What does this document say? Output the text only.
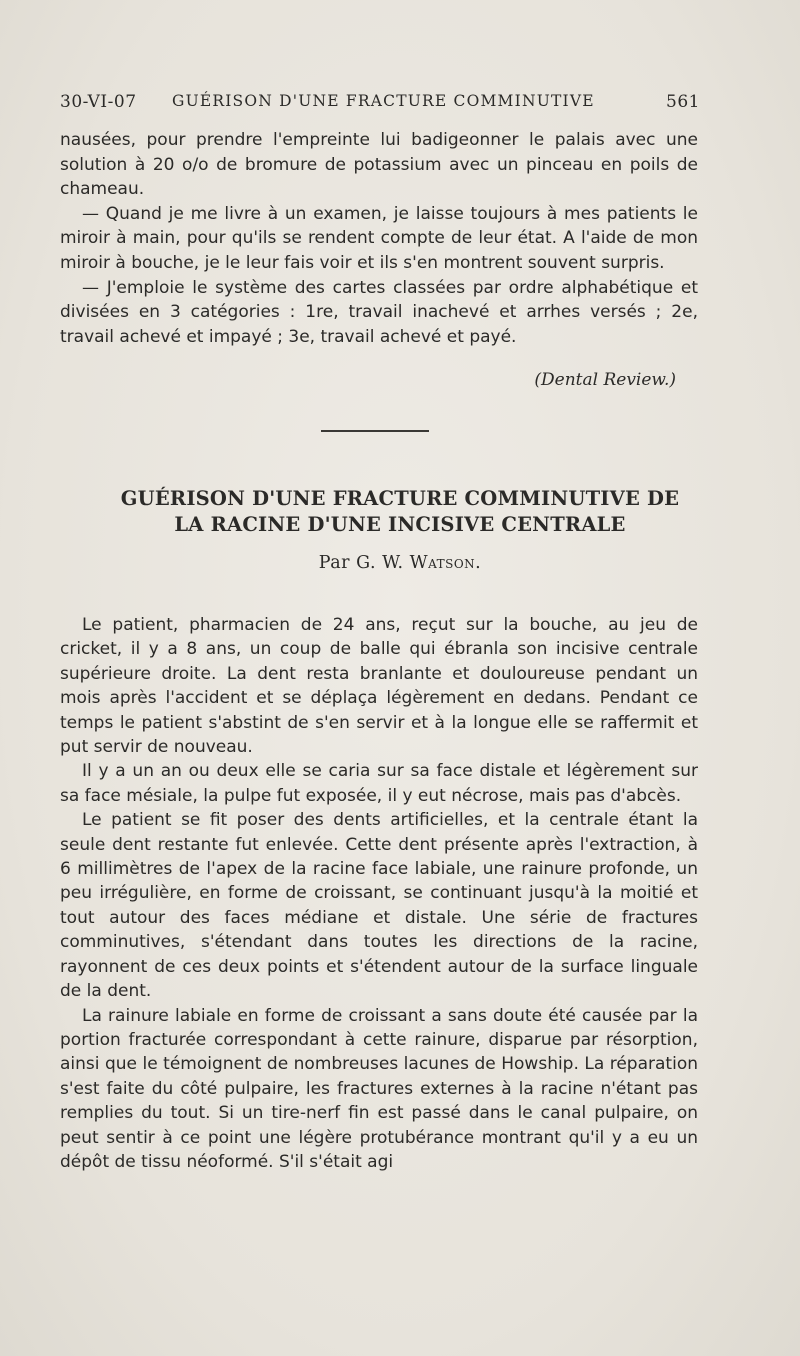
30-VI-07 GUÉRISON D'UNE FRACTURE COMMINUTIVE	561

nausées, pour prendre l'empreinte lui badigeonner le palais avec une solution à 20 o/o de bromure de potassium avec un pinceau en poils de chameau.

— Quand je me livre à un examen, je laisse toujours à mes patients le miroir à main, pour qu'ils se rendent compte de leur état. A l'aide de mon miroir à bouche, je le leur fais voir et ils s'en montrent souvent surpris.

— J'emploie le système des cartes classées par ordre alphabétique et divisées en 3 catégories : 1re, travail inachevé et arrhes versés ; 2e, travail achevé et impayé ; 3e, travail achevé et payé.

(Dental Review.)
GUÉRISON D'UNE FRACTURE COMMINUTIVE DE
LA RACINE D'UNE INCISIVE CENTRALE
Par G. W. Watson.

Le patient, pharmacien de 24 ans, reçut sur la bouche, au jeu de cricket, il y a 8 ans, un coup de balle qui ébranla son incisive centrale supérieure droite. La dent resta branlante et douloureuse pendant un mois après l'accident et se déplaça légèrement en dedans. Pendant ce temps le patient s'abstint de s'en servir et à la longue elle se raffermit et put servir de nouveau.

Il y a un an ou deux elle se caria sur sa face distale et légèrement sur sa face mésiale, la pulpe fut exposée, il y eut nécrose, mais pas d'abcès.

Le patient se fit poser des dents artificielles, et la centrale étant la seule dent restante fut enlevée. Cette dent présente après l'extraction, à 6 millimètres de l'apex de la racine face labiale, une rainure profonde, un peu irrégulière, en forme de croissant, se continuant jusqu'à la moitié et tout autour des faces médiane et distale. Une série de fractures comminutives, s'étendant dans toutes les directions de la racine, rayonnent de ces deux points et s'étendent autour de la surface linguale de la dent.

La rainure labiale en forme de croissant a sans doute été causée par la portion fracturée correspondant à cette rainure, disparue par résorption, ainsi que le témoignent de nombreuses lacunes de Howship. La réparation s'est faite du côté pulpaire, les fractures externes à la racine n'étant pas remplies du tout. Si un tire-nerf fin est passé dans le canal pulpaire, on peut sentir à ce point une légère protubérance montrant qu'il y a eu un dépôt de tissu néoformé. S'il s'était agi
